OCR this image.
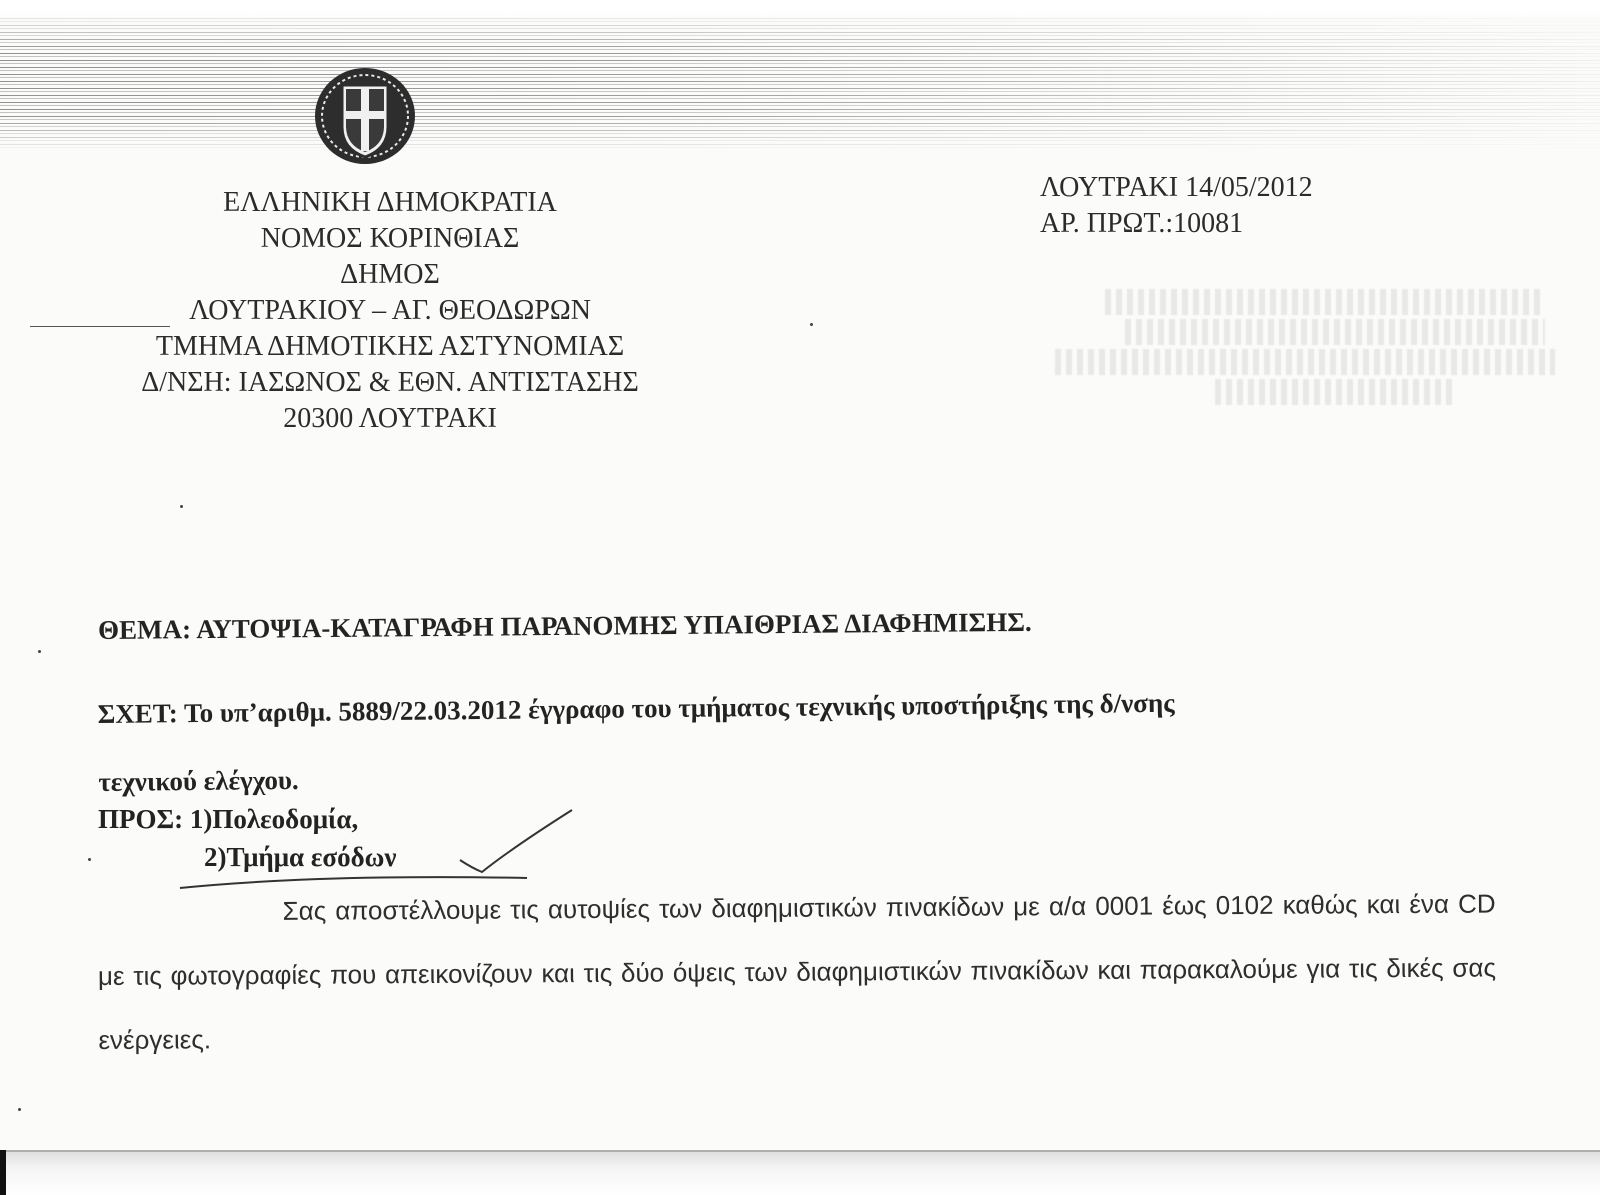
ΕΛΛΗΝΙΚΗ ΔΗΜΟΚΡΑΤΙΑ
ΝΟΜΟΣ ΚΟΡΙΝΘΙΑΣ
ΔΗΜΟΣ
ΛΟΥΤΡΑΚΙΟΥ – ΑΓ. ΘΕΟΔΩΡΩΝ
ΤΜΗΜΑ ΔΗΜΟΤΙΚΗΣ ΑΣΤΥΝΟΜΙΑΣ
Δ/ΝΣΗ: ΙΑΣΩΝΟΣ & ΕΘΝ. ΑΝΤΙΣΤΑΣΗΣ
20300 ΛΟΥΤΡΑΚΙ
ΛΟΥΤΡΑΚΙ 14/05/2012
ΑΡ. ΠΡΩΤ.:10081
ΘΕΜΑ: ΑΥΤΟΨΙΑ-ΚΑΤΑΓΡΑΦΗ ΠΑΡΑΝΟΜΗΣ ΥΠΑΙΘΡΙΑΣ ΔΙΑΦΗΜΙΣΗΣ.
ΣΧΕΤ: Το υπ’αριθμ. 5889/22.03.2012 έγγραφο του τμήματος τεχνικής υποστήριξης της δ/νσης
τεχνικού ελέγχου.
ΠΡΟΣ: 1)Πολεοδομία,
2)Τμήμα εσόδων
Σας αποστέλλουμε τις αυτοψίες των διαφημιστικών πινακίδων με α/α 0001 έως 0102 καθώς και ένα CD με τις φωτογραφίες που απεικονίζουν και τις δύο όψεις των διαφημιστικών πινακίδων και παρακαλούμε για τις δικές σας ενέργειες.
